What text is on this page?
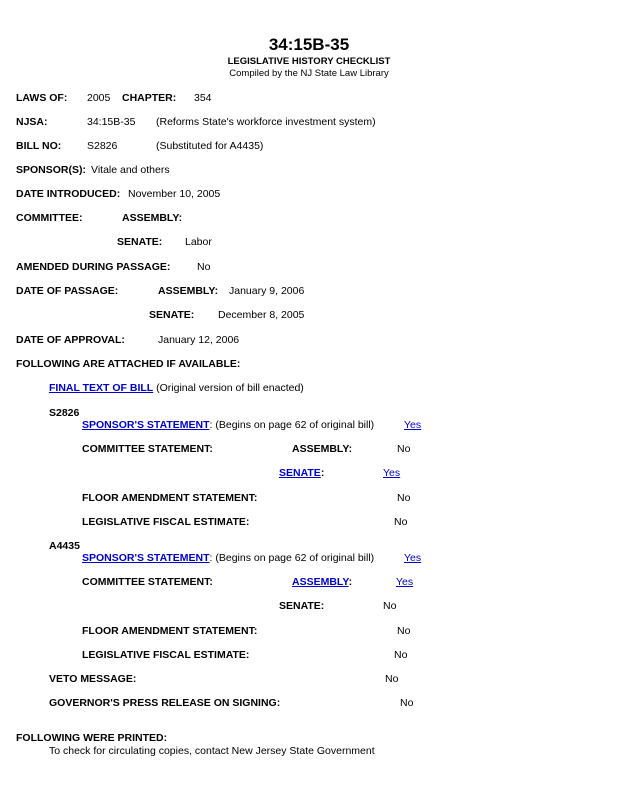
34:15B-35
LEGISLATIVE HISTORY CHECKLIST
Compiled by the NJ State Law Library
LAWS OF: 2005 CHAPTER: 354
NJSA:	34:15B-35 (Reforms State's workforce investment system)
BILL NO: S2826	(Substituted for A4435)
SPONSOR(S): Vitale and others
DATE INTRODUCED: November 10, 2005
COMMITTEE:	ASSEMBLY:
SENATE: Labor
AMENDED DURING PASSAGE:	No
DATE OF PASSAGE:	ASSEMBLY: January 9, 2006
SENATE: December 8, 2005
DATE OF APPROVAL:	January 12, 2006
FOLLOWING ARE ATTACHED IF AVAILABLE:
FINAL TEXT OF BILL (Original version of bill enacted)
S2826
SPONSOR'S STATEMENT: (Begins on page 62 of original bill)	Yes
COMMITTEE STATEMENT:	ASSEMBLY:	No
SENATE:	Yes
FLOOR AMENDMENT STATEMENT:	No
LEGISLATIVE FISCAL ESTIMATE:	No
A4435
SPONSOR'S STATEMENT: (Begins on page 62 of original bill)	Yes
COMMITTEE STATEMENT:	ASSEMBLY:	Yes
SENATE:	No
FLOOR AMENDMENT STATEMENT:	No
LEGISLATIVE FISCAL ESTIMATE:	No
VETO MESSAGE:	No
GOVERNOR'S PRESS RELEASE ON SIGNING:	No
FOLLOWING WERE PRINTED:
To check for circulating copies, contact New Jersey State Government
